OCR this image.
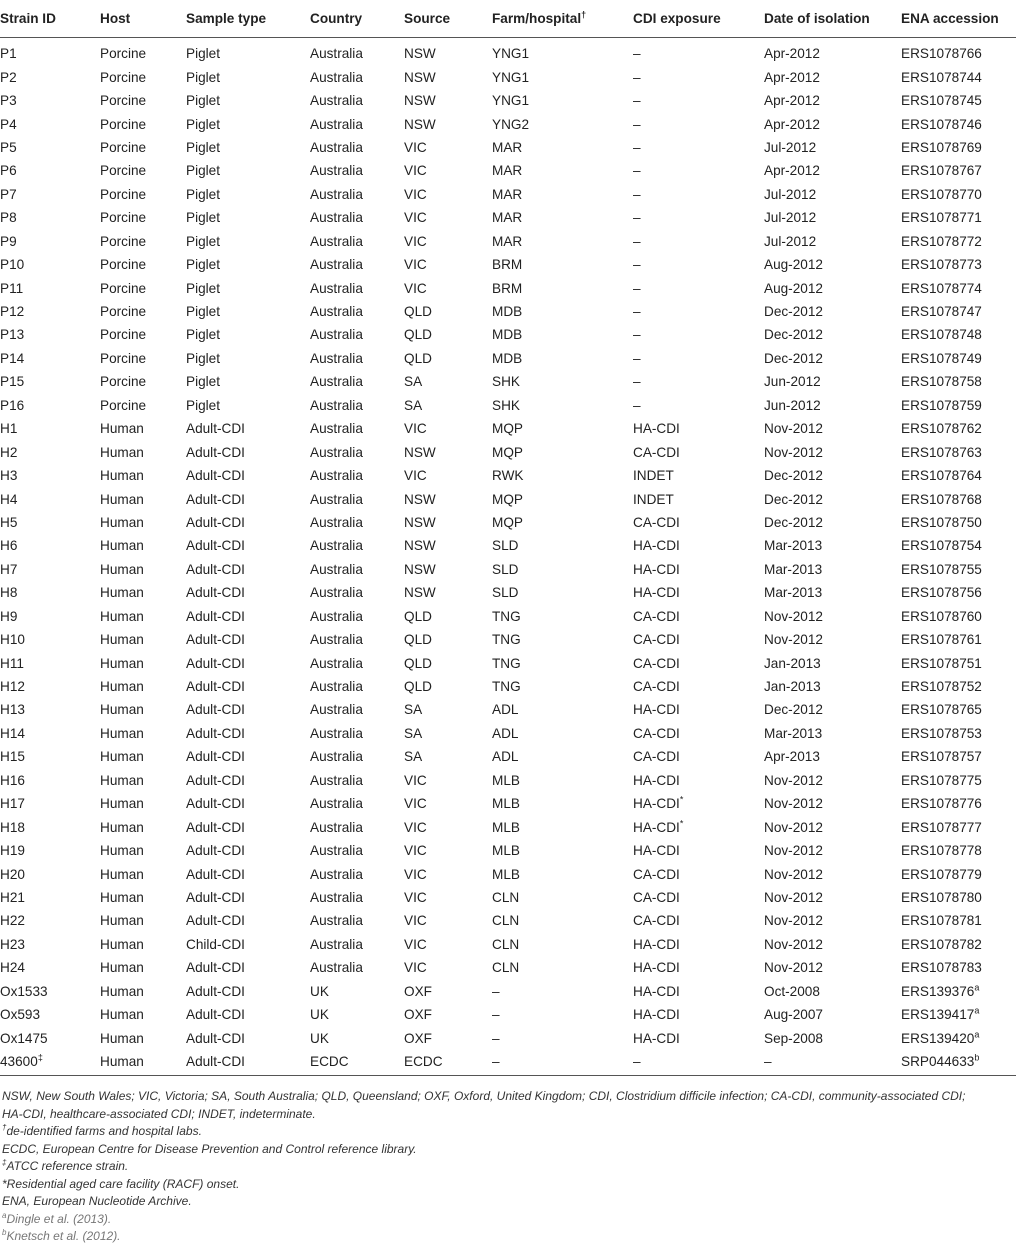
Strain ID	Host	Sample type	Country	Source	Farm/hospital†	CDI exposure	Date of isolation	ENA accession
P1	Porcine	Piglet	Australia	NSW	YNG1	–	Apr-2012	ERS1078766
P2	Porcine	Piglet	Australia	NSW	YNG1	–	Apr-2012	ERS1078744
P3	Porcine	Piglet	Australia	NSW	YNG1	–	Apr-2012	ERS1078745
P4	Porcine	Piglet	Australia	NSW	YNG2	–	Apr-2012	ERS1078746
P5	Porcine	Piglet	Australia	VIC	MAR	–	Jul-2012	ERS1078769
P6	Porcine	Piglet	Australia	VIC	MAR	–	Apr-2012	ERS1078767
P7	Porcine	Piglet	Australia	VIC	MAR	–	Jul-2012	ERS1078770
P8	Porcine	Piglet	Australia	VIC	MAR	–	Jul-2012	ERS1078771
P9	Porcine	Piglet	Australia	VIC	MAR	–	Jul-2012	ERS1078772
P10	Porcine	Piglet	Australia	VIC	BRM	–	Aug-2012	ERS1078773
P11	Porcine	Piglet	Australia	VIC	BRM	–	Aug-2012	ERS1078774
P12	Porcine	Piglet	Australia	QLD	MDB	–	Dec-2012	ERS1078747
P13	Porcine	Piglet	Australia	QLD	MDB	–	Dec-2012	ERS1078748
P14	Porcine	Piglet	Australia	QLD	MDB	–	Dec-2012	ERS1078749
P15	Porcine	Piglet	Australia	SA	SHK	–	Jun-2012	ERS1078758
P16	Porcine	Piglet	Australia	SA	SHK	–	Jun-2012	ERS1078759
H1	Human	Adult-CDI	Australia	VIC	MQP	HA-CDI	Nov-2012	ERS1078762
H2	Human	Adult-CDI	Australia	NSW	MQP	CA-CDI	Nov-2012	ERS1078763
H3	Human	Adult-CDI	Australia	VIC	RWK	INDET	Dec-2012	ERS1078764
H4	Human	Adult-CDI	Australia	NSW	MQP	INDET	Dec-2012	ERS1078768
H5	Human	Adult-CDI	Australia	NSW	MQP	CA-CDI	Dec-2012	ERS1078750
H6	Human	Adult-CDI	Australia	NSW	SLD	HA-CDI	Mar-2013	ERS1078754
H7	Human	Adult-CDI	Australia	NSW	SLD	HA-CDI	Mar-2013	ERS1078755
H8	Human	Adult-CDI	Australia	NSW	SLD	HA-CDI	Mar-2013	ERS1078756
H9	Human	Adult-CDI	Australia	QLD	TNG	CA-CDI	Nov-2012	ERS1078760
H10	Human	Adult-CDI	Australia	QLD	TNG	CA-CDI	Nov-2012	ERS1078761
H11	Human	Adult-CDI	Australia	QLD	TNG	CA-CDI	Jan-2013	ERS1078751
H12	Human	Adult-CDI	Australia	QLD	TNG	CA-CDI	Jan-2013	ERS1078752
H13	Human	Adult-CDI	Australia	SA	ADL	HA-CDI	Dec-2012	ERS1078765
H14	Human	Adult-CDI	Australia	SA	ADL	CA-CDI	Mar-2013	ERS1078753
H15	Human	Adult-CDI	Australia	SA	ADL	CA-CDI	Apr-2013	ERS1078757
H16	Human	Adult-CDI	Australia	VIC	MLB	HA-CDI	Nov-2012	ERS1078775
H17	Human	Adult-CDI	Australia	VIC	MLB	HA-CDI*	Nov-2012	ERS1078776
H18	Human	Adult-CDI	Australia	VIC	MLB	HA-CDI*	Nov-2012	ERS1078777
H19	Human	Adult-CDI	Australia	VIC	MLB	HA-CDI	Nov-2012	ERS1078778
H20	Human	Adult-CDI	Australia	VIC	MLB	CA-CDI	Nov-2012	ERS1078779
H21	Human	Adult-CDI	Australia	VIC	CLN	CA-CDI	Nov-2012	ERS1078780
H22	Human	Adult-CDI	Australia	VIC	CLN	CA-CDI	Nov-2012	ERS1078781
H23	Human	Child-CDI	Australia	VIC	CLN	HA-CDI	Nov-2012	ERS1078782
H24	Human	Adult-CDI	Australia	VIC	CLN	HA-CDI	Nov-2012	ERS1078783
Ox1533	Human	Adult-CDI	UK	OXF	–	HA-CDI	Oct-2008	ERS139376$^a$
Ox593	Human	Adult-CDI	UK	OXF	–	HA-CDI	Aug-2007	ERS139417$^a$
Ox1475	Human	Adult-CDI	UK	OXF	–	HA-CDI	Sep-2008	ERS139420$^a$
43600‡	Human	Adult-CDI	ECDC	ECDC	–	–	–	SRP044633$^b$
NSW, New South Wales; VIC, Victoria; SA, South Australia; QLD, Queensland; OXF, Oxford, United Kingdom; CDI, Clostridium difficile infection; CA-CDI, community-associated CDI;
HA-CDI, healthcare-associated CDI; INDET, indeterminate.
†de-identified farms and hospital labs.
ECDC, European Centre for Disease Prevention and Control reference library.
‡ATCC reference strain.
*Residential aged care facility (RACF) onset.
ENA, European Nucleotide Archive.
$^a$Dingle et al. (2013).
$^b$Knetsch et al. (2012).
